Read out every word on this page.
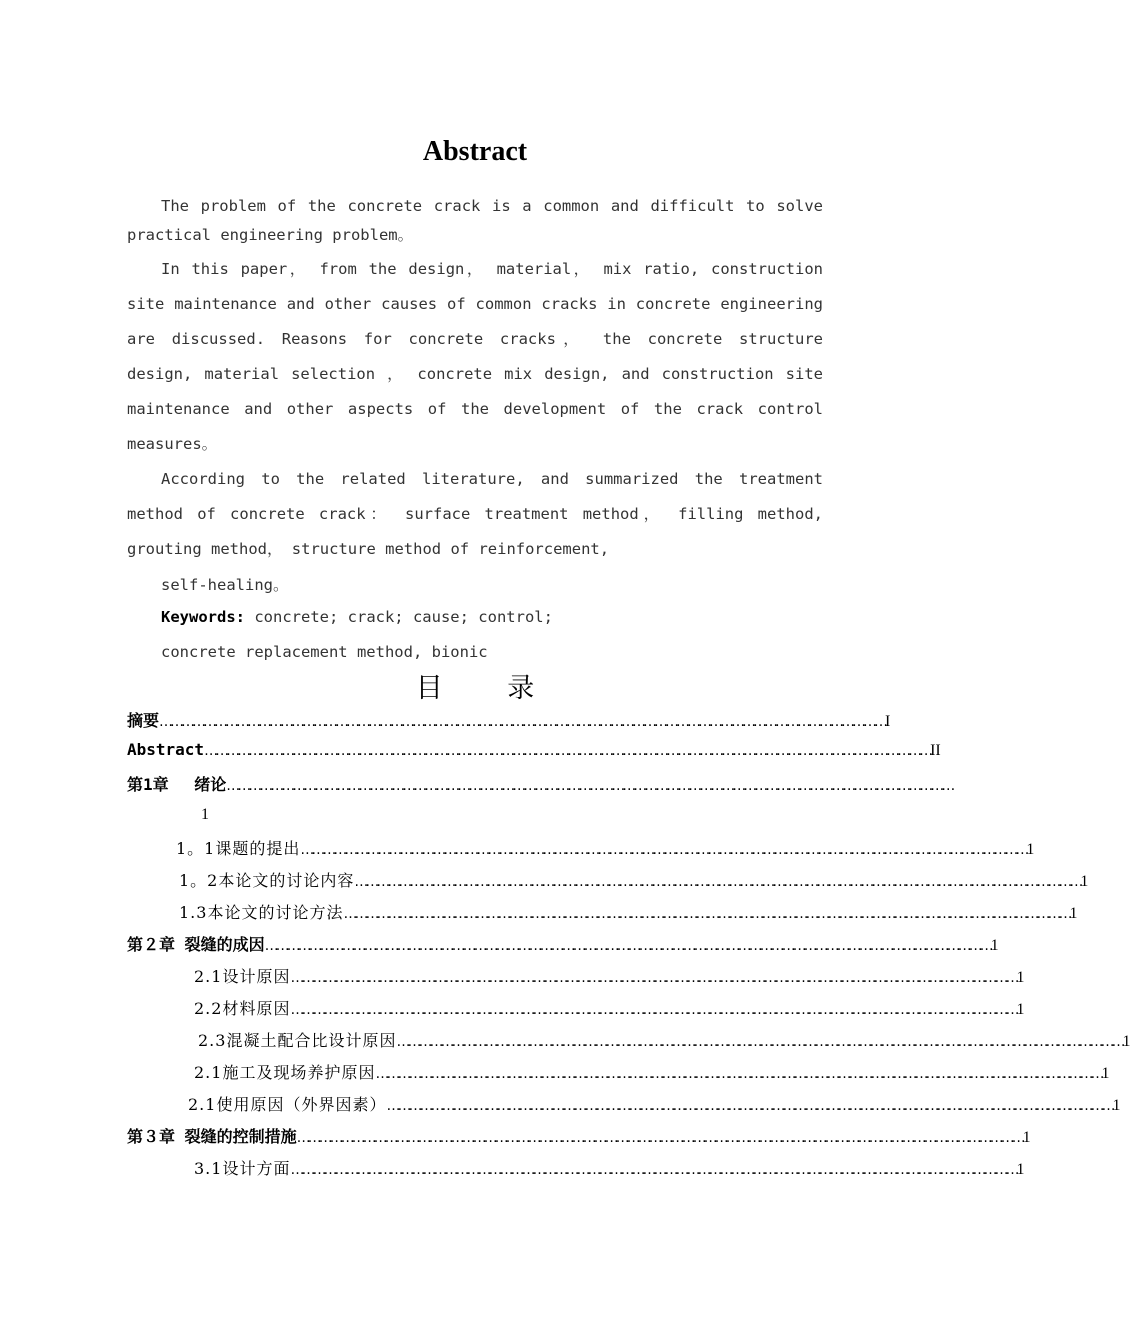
Abstract

The problem of the concrete crack is a common and difficult to solve practical engineering problem。

In this paper， from the design， material， mix ratio, construction site maintenance and other causes of common cracks in concrete engineering are discussed. Reasons for concrete cracks， the concrete structure design, material selection ， concrete mix design, and construction site maintenance and other aspects of the development of the crack control measures。

According to the related literature, and summarized the treatment method of concrete crack： surface treatment method， filling method, grouting method， structure method of reinforcement,

self-healing。
Keywords: concrete; crack; cause; control;
concrete replacement method, bionic
目 录
摘要 ……………………………………………………………………………………………………………………………………………………………………………… I
Abstract ……………………………………………………………………………………………………………………………………………………………………………… II
第1章　 绪论 ………………………………………………………………………………………………………………………………………………………………………………
1
1。1课题的提出 ……………………………………………………………………………………………………………………………………………………………………………… 1
1。2本论文的讨论内容 ……………………………………………………………………………………………………………………………………………………………………………… 1
1.3本论文的讨论方法 ……………………………………………………………………………………………………………………………………………………………………………… 1
第２章 裂缝的成因 ……………………………………………………………………………………………………………………………………………………………………………… 1
2.1设计原因 ……………………………………………………………………………………………………………………………………………………………………………… 1
2.2材料原因 ……………………………………………………………………………………………………………………………………………………………………………… 1
2.3混凝土配合比设计原因 ……………………………………………………………………………………………………………………………………………………………………………… 1
2.1施工及现场养护原因 ……………………………………………………………………………………………………………………………………………………………………………… 1
2.1使用原因（外界因素） ……………………………………………………………………………………………………………………………………………………………………………… 1
第３章 裂缝的控制措施 ……………………………………………………………………………………………………………………………………………………………………………… 1
3.1设计方面 ……………………………………………………………………………………………………………………………………………………………………………… 1
